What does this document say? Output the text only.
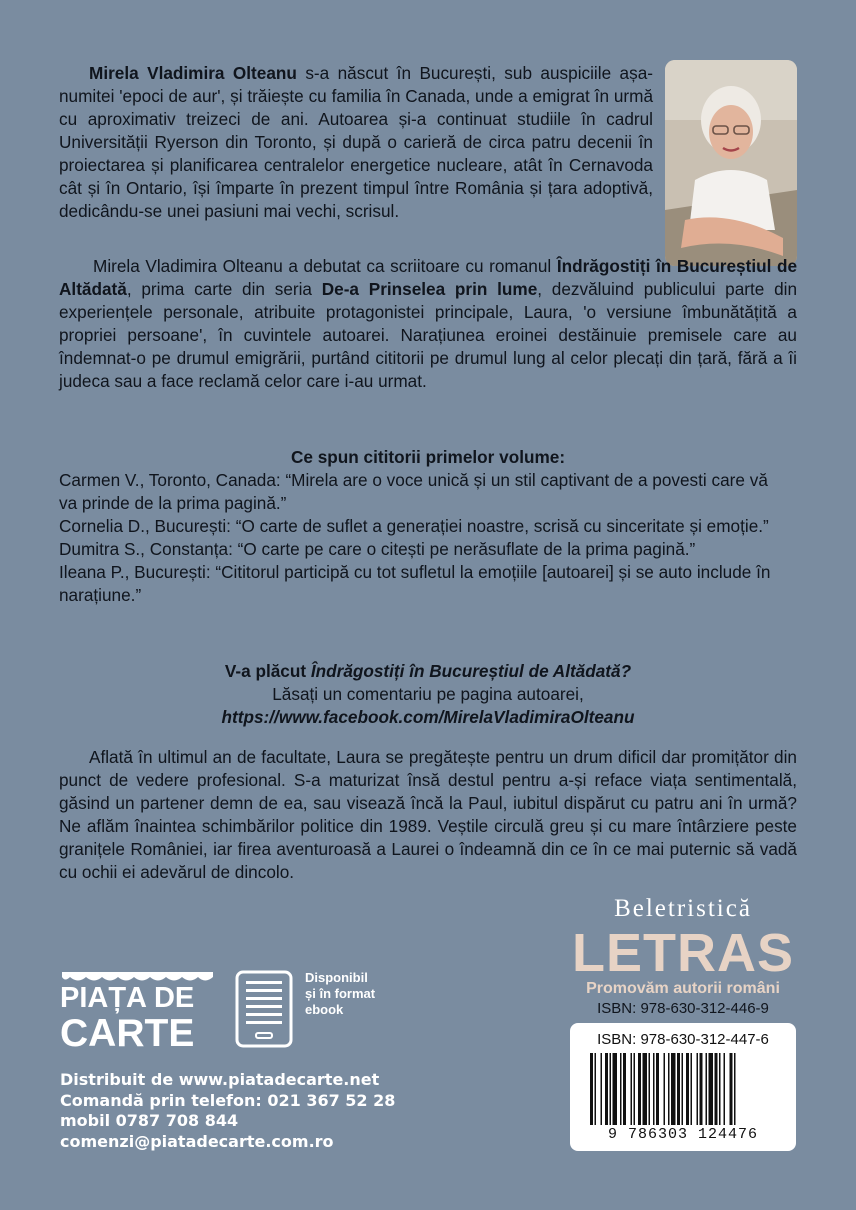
Mirela Vladimira Olteanu s-a născut în București, sub auspiciile așa-numitei 'epoci de aur', și trăiește cu familia în Canada, unde a emigrat în urmă cu aproximativ treizeci de ani. Autoarea și-a continuat studiile în cadrul Universității Ryerson din Toronto, și după o carieră de circa patru decenii în proiectarea și planificarea centralelor energetice nucleare, atât în Cernavoda cât și în Ontario, își împarte în prezent timpul între România și țara adoptivă, dedicându-se unei pasiuni mai vechi, scrisul.

Mirela Vladimira Olteanu a debutat ca scriitoare cu romanul Îndrăgostiți în Bucureștiul de Altădată, prima carte din seria De-a Prinselea prin lume, dezvăluind publicului parte din experiențele personale, atribuite protagonistei principale, Laura, 'o versiune îmbunătățită a propriei persoane', în cuvintele autoarei. Narațiunea eroinei destăinuie premisele care au îndemnat-o pe drumul emigrării, purtând cititorii pe drumul lung al celor plecați din țară, fără a îi judeca sau a face reclamă celor care i-au urmat.

Ce spun cititorii primelor volume:

Carmen V., Toronto, Canada: “Mirela are o voce unică și un stil captivant de a povesti care vă va prinde de la prima pagină.”

Cornelia D., București: “O carte de suflet a generației noastre, scrisă cu sinceritate și emoție.”

Dumitra S., Constanța: “O carte pe care o citești pe nerăsuflate de la prima pagină.”

Ileana P., București: “Cititorul participă cu tot sufletul la emoțiile [autoarei] și se auto include în narațiune.”

V-a plăcut Îndrăgostiți în Bucureștiul de Altădată?
Lăsați un comentariu pe pagina autoarei,
https://www.facebook.com/MirelaVladimiraOlteanu

Aflată în ultimul an de facultate, Laura se pregătește pentru un drum dificil dar promițător din punct de vedere profesional. S-a maturizat însă destul pentru a-și reface viața sentimentală, găsind un partener demn de ea, sau visează încă la Paul, iubitul dispărut cu patru ani în urmă? Ne aflăm înaintea schimbărilor politice din 1989. Veștile circulă greu și cu mare întârziere peste granițele României, iar firea aventuroasă a Laurei o îndeamnă din ce în ce mai puternic să vadă cu ochii ei adevărul de dincolo.

Beletristică
LETRAS
Promovăm autorii români
ISBN: 978-630-312-446-9
ISBN: 978-630-312-447-6
9 786303 124476
PIAȚA DE
CARTE
Disponibil
și în format
ebook
Distribuit de www.piatadecarte.net
Comandă prin telefon: 021 367 52 28
mobil 0787 708 844
comenzi@piatadecarte.com.ro
